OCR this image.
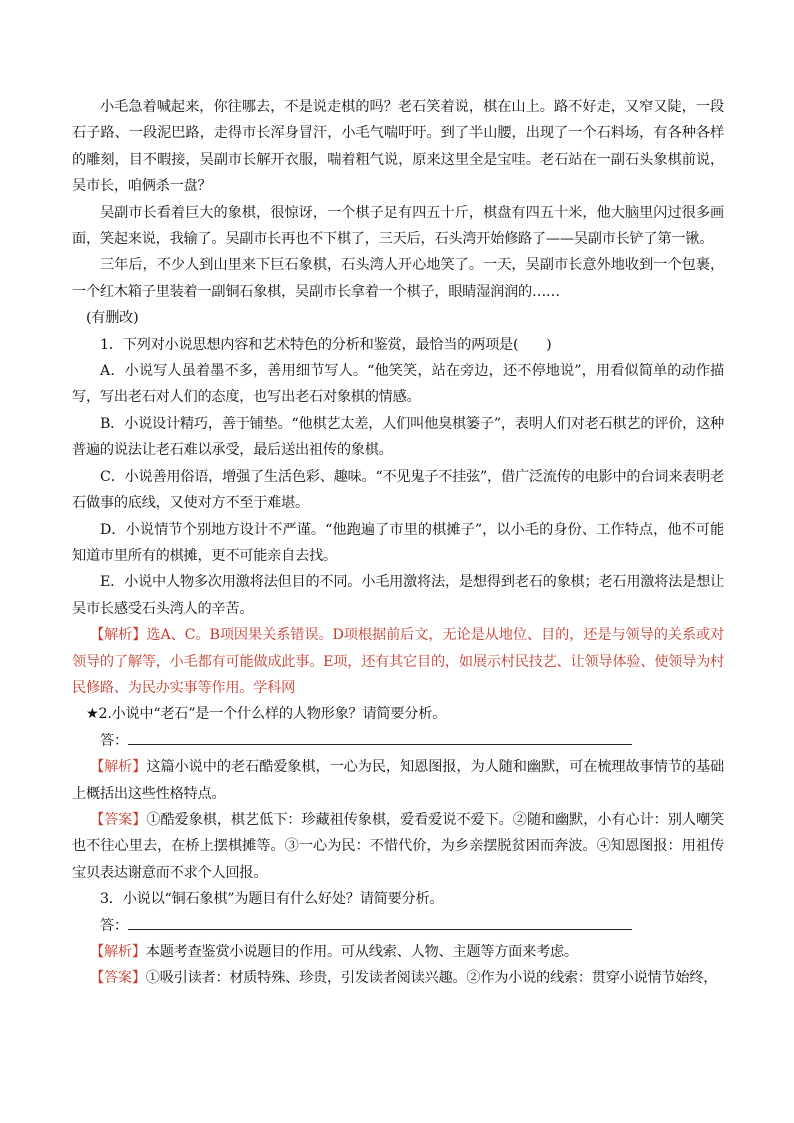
小毛急着喊起来，你往哪去，不是说走棋的吗？老石笑着说，棋在山上。路不好走，又窄又陡，一段石子路、一段泥巴路，走得市长浑身冒汗，小毛气喘吁吁。到了半山腰，出现了一个石料场，有各种各样的雕刻，目不暇接，吴副市长解开衣服，喘着粗气说，原来这里全是宝哇。老石站在一副石头象棋前说，吴市长，咱俩杀一盘？

吴副市长看着巨大的象棋，很惊讶，一个棋子足有四五十斤，棋盘有四五十米，他大脑里闪过很多画面，笑起来说，我输了。吴副市长再也不下棋了，三天后，石头湾开始修路了——吴副市长铲了第一锹。

三年后，不少人到山里来下巨石象棋，石头湾人开心地笑了。一天，吴副市长意外地收到一个包裹，一个红木箱子里装着一副铜石象棋，吴副市长拿着一个棋子，眼睛湿润润的……

(有删改)

1．下列对小说思想内容和艺术特色的分析和鉴赏，最恰当的两项是(　　)

A．小说写人虽着墨不多，善用细节写人。“他笑笑，站在旁边，还不停地说”，用看似简单的动作描写，写出老石对人们的态度，也写出老石对象棋的情感。

B．小说设计精巧，善于铺垫。“他棋艺太差，人们叫他臭棋篓子”，表明人们对老石棋艺的评价，这种普遍的说法让老石难以承受，最后送出祖传的象棋。

C．小说善用俗语，增强了生活色彩、趣味。“不见鬼子不挂弦”，借广泛流传的电影中的台词来表明老石做事的底线，又使对方不至于难堪。

D．小说情节个别地方设计不严谨。“他跑遍了市里的棋摊子”，以小毛的身份、工作特点，他不可能知道市里所有的棋摊，更不可能亲自去找。

E．小说中人物多次用激将法但目的不同。小毛用激将法，是想得到老石的象棋；老石用激将法是想让吴市长感受石头湾人的辛苦。

【解析】选A、C。B项因果关系错误。D项根据前后文，无论是从地位、目的，还是与领导的关系或对领导的了解等，小毛都有可能做成此事。E项，还有其它目的，如展示村民技艺、让领导体验、使领导为村民修路、为民办实事等作用。学科网

★2.小说中“老石”是一个什么样的人物形象？请简要分析。

答：

【解析】这篇小说中的老石酷爱象棋，一心为民，知恩图报，为人随和幽默，可在梳理故事情节的基础上概括出这些性格特点。

【答案】①酷爱象棋，棋艺低下：珍藏祖传象棋，爱看爱说不爱下。②随和幽默，小有心计：别人嘲笑也不往心里去，在桥上摆棋摊等。③一心为民：不惜代价，为乡亲摆脱贫困而奔波。④知恩图报：用祖传宝贝表达谢意而不求个人回报。

3．小说以“铜石象棋”为题目有什么好处？请简要分析。

答：

【解析】本题考查鉴赏小说题目的作用。可从线索、人物、主题等方面来考虑。

【答案】①吸引读者：材质特殊、珍贵，引发读者阅读兴趣。②作为小说的线索：贯穿小说情节始终，
